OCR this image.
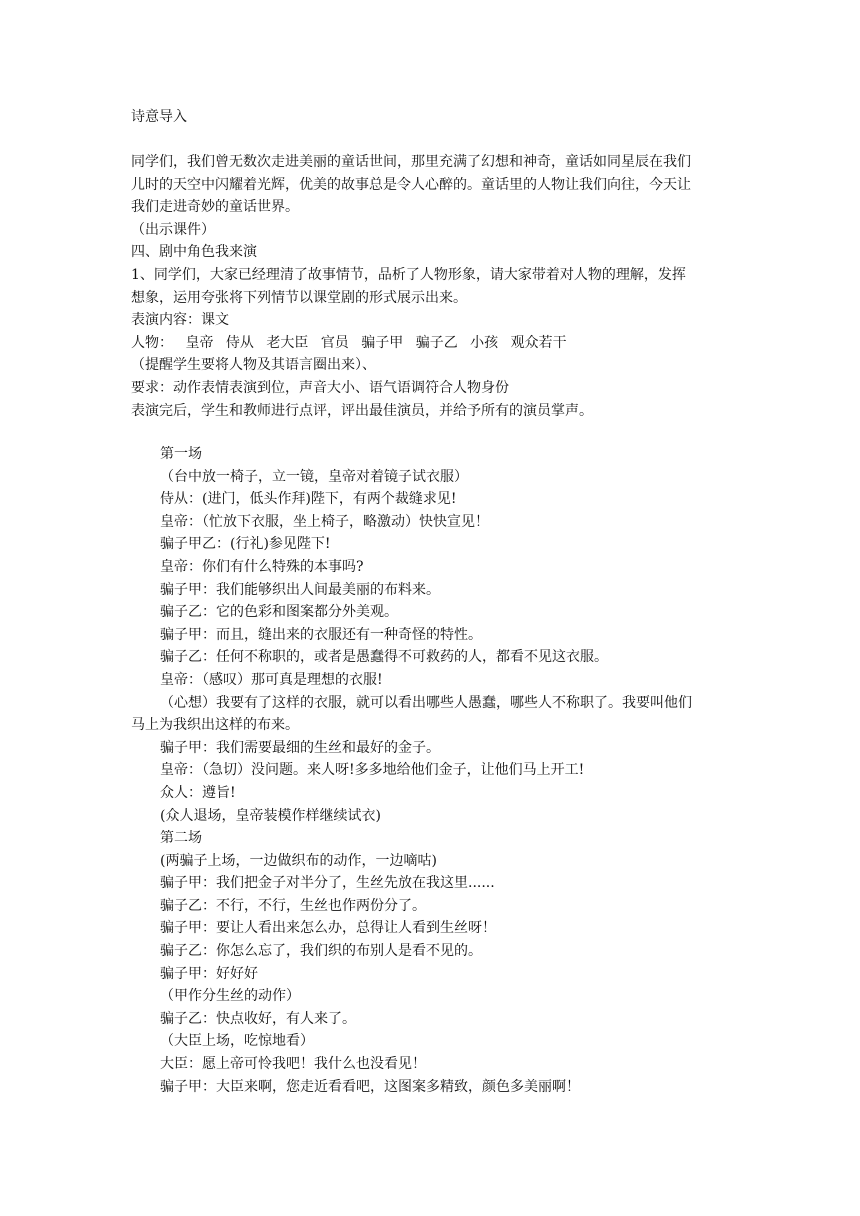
诗意导入
同学们，我们曾无数次走进美丽的童话世间，那里充满了幻想和神奇，童话如同星辰在我们
儿时的天空中闪耀着光辉，优美的故事总是令人心醉的。童话里的人物让我们向往，今天让
我们走进奇妙的童话世界。
（出示课件）
四、剧中角色我来演
1、同学们，大家已经理清了故事情节，品析了人物形象，请大家带着对人物的理解，发挥
想象，运用夸张将下列情节以课堂剧的形式展示出来。
表演内容：课文
人物： 皇帝 侍从 老大臣 官员 骗子甲 骗子乙 小孩 观众若干
（提醒学生要将人物及其语言圈出来）、
要求：动作表情表演到位，声音大小、语气语调符合人物身份
表演完后，学生和教师进行点评，评出最佳演员，并给予所有的演员掌声。
第一场
（台中放一椅子，立一镜，皇帝对着镜子试衣服）
侍从：(进门，低头作拜)陛下，有两个裁缝求见!
皇帝：（忙放下衣服，坐上椅子，略激动）快快宣见！
骗子甲乙：(行礼)参见陛下!
皇帝：你们有什么特殊的本事吗?
骗子甲：我们能够织出人间最美丽的布料来。
骗子乙：它的色彩和图案都分外美观。
骗子甲：而且，缝出来的衣服还有一种奇怪的特性。
骗子乙：任何不称职的，或者是愚蠢得不可救药的人，都看不见这衣服。
皇帝：（感叹）那可真是理想的衣服!
（心想）我要有了这样的衣服，就可以看出哪些人愚蠢，哪些人不称职了。我要叫他们
马上为我织出这样的布来。
骗子甲：我们需要最细的生丝和最好的金子。
皇帝：（急切）没问题。来人呀!多多地给他们金子，让他们马上开工!
众人：遵旨!
(众人退场，皇帝装模作样继续试衣)
第二场
(两骗子上场，一边做织布的动作，一边嘀咕)
骗子甲：我们把金子对半分了，生丝先放在我这里......
骗子乙：不行，不行，生丝也作两份分了。
骗子甲：要让人看出来怎么办，总得让人看到生丝呀！
骗子乙：你怎么忘了，我们织的布别人是看不见的。
骗子甲：好好好
（甲作分生丝的动作）
骗子乙：快点收好，有人来了。
（大臣上场，吃惊地看）
大臣：愿上帝可怜我吧！我什么也没看见！
骗子甲：大臣来啊，您走近看看吧，这图案多精致，颜色多美丽啊！
